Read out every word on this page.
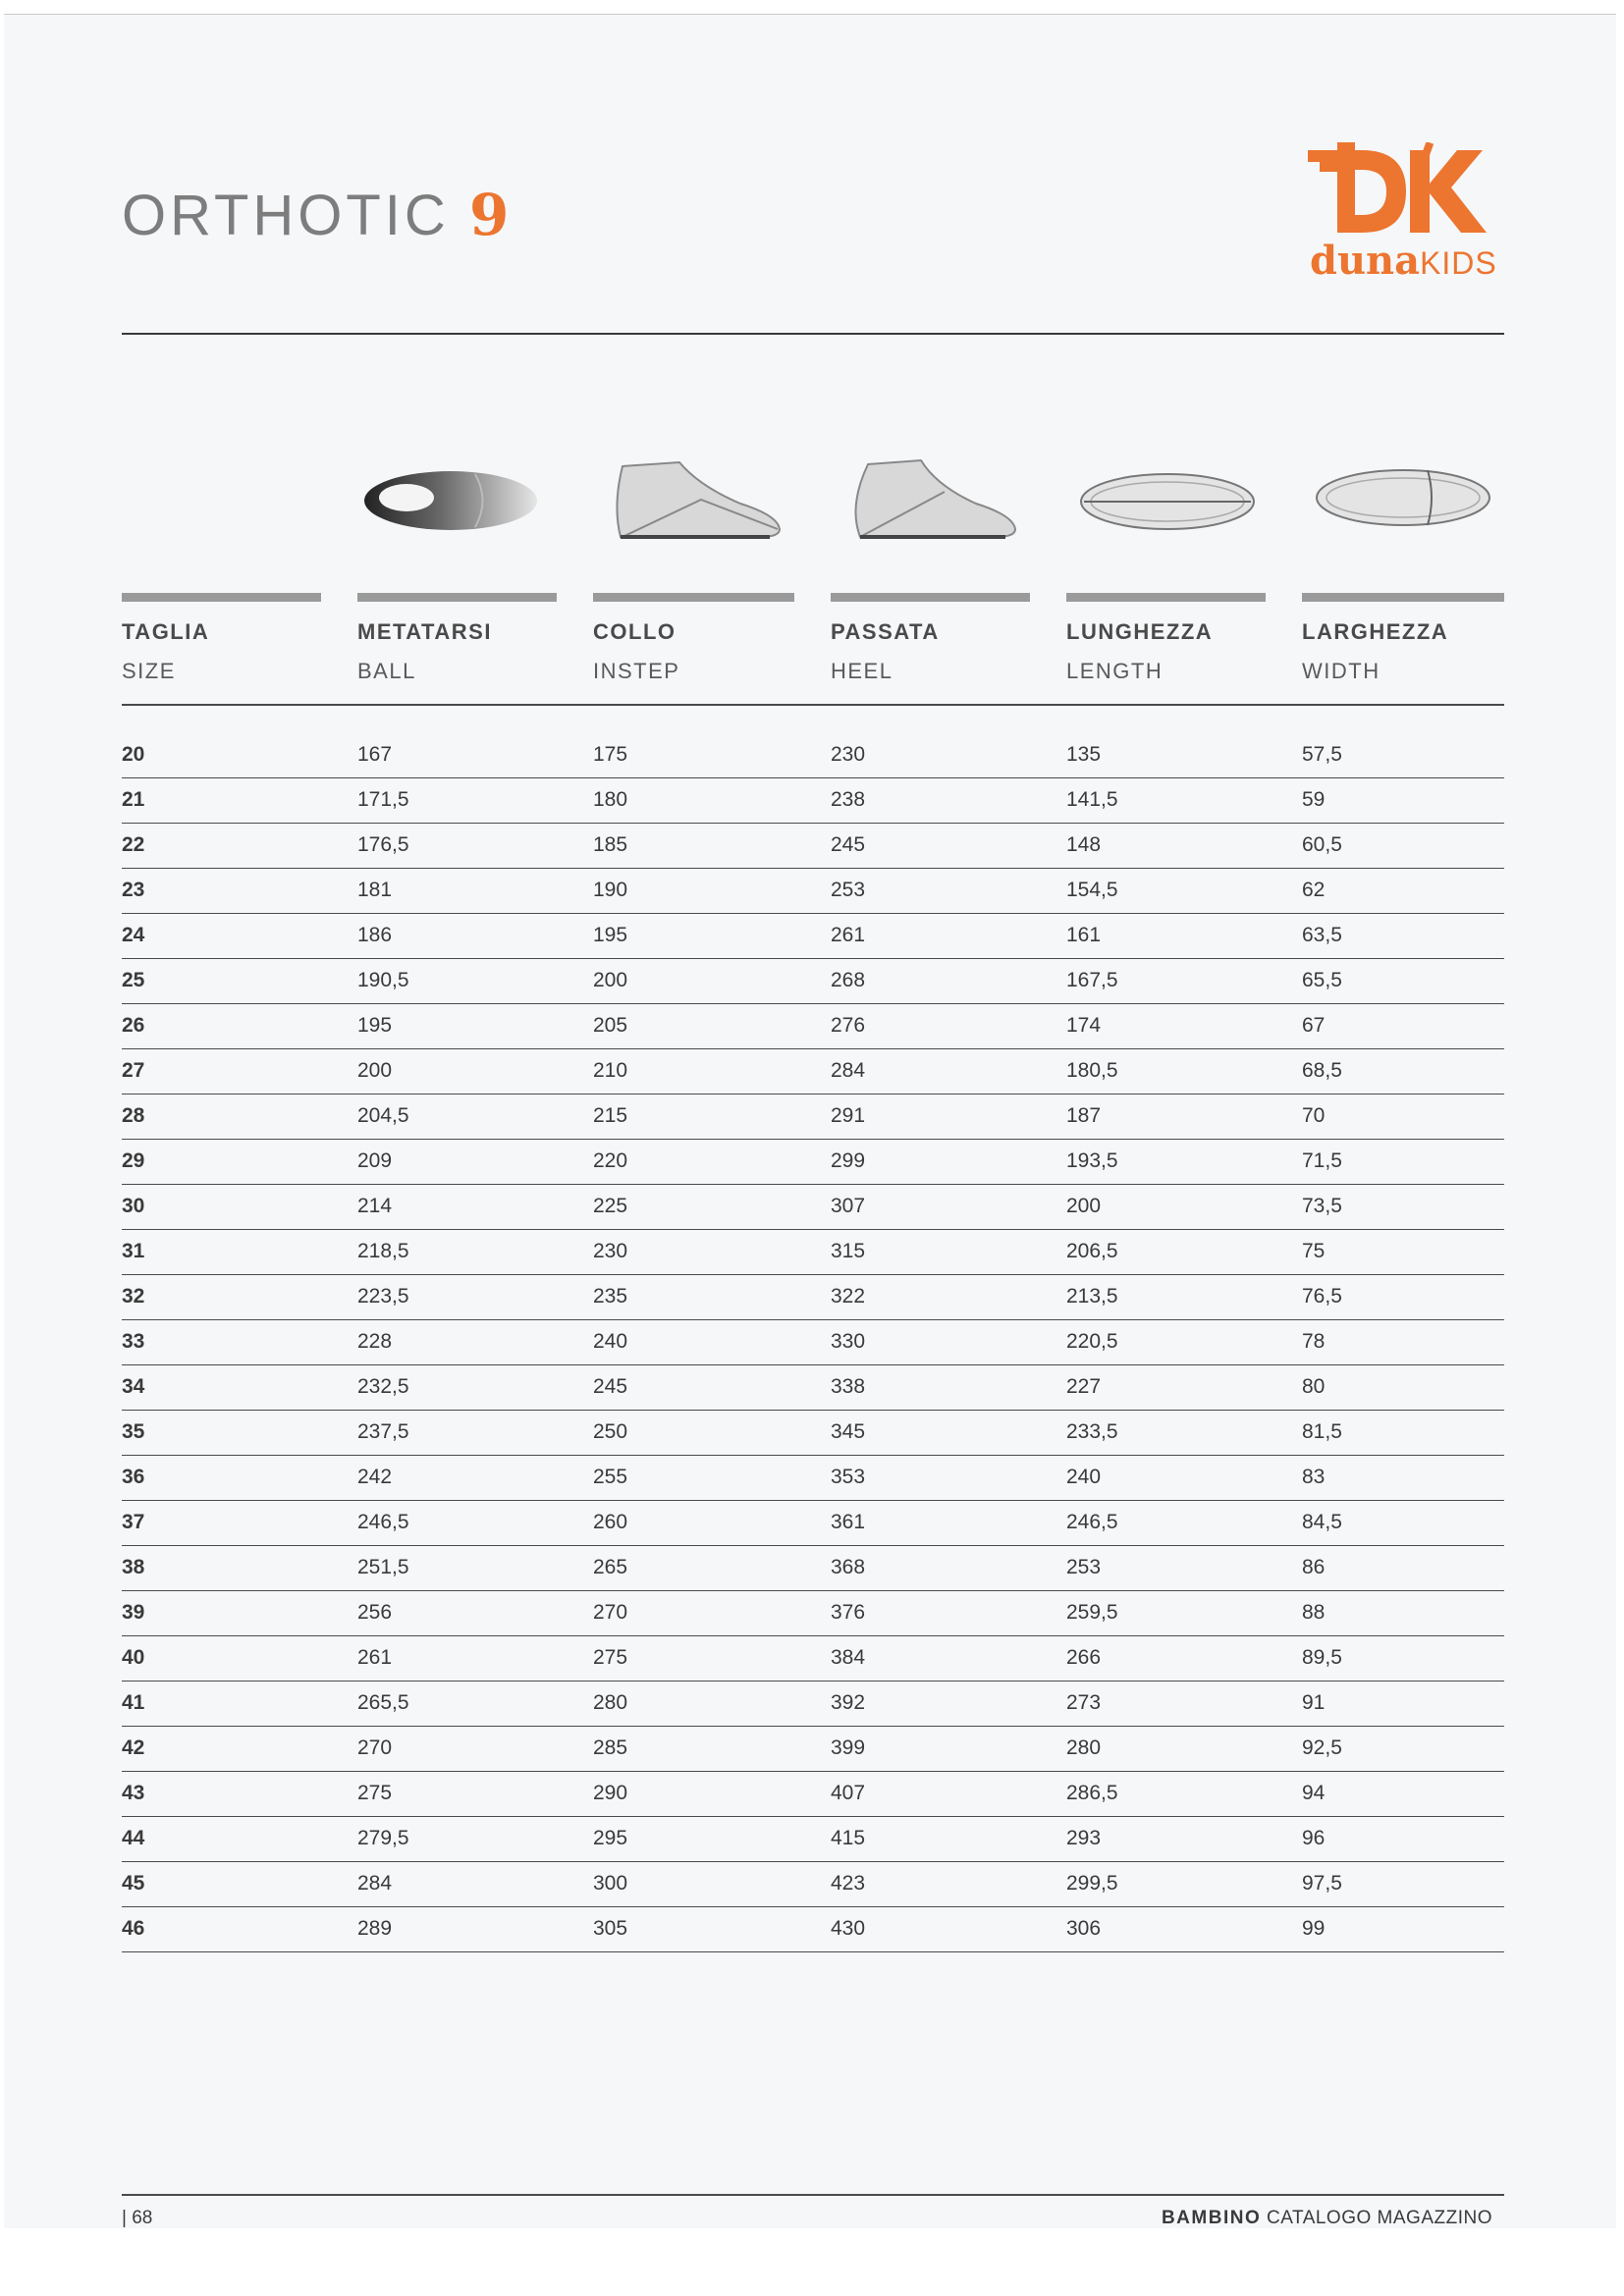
ORTHOTIC 9
dunaKIDS
TAGLIA	METATARSI	COLLO	PASSATA	LUNGHEZZA	LARGHEZZA
SIZE	BALL	INSTEP	HEEL	LENGTH	WIDTH
20	167	175	230	135	57,5
21	171,5	180	238	141,5	59
22	176,5	185	245	148	60,5
23	181	190	253	154,5	62
24	186	195	261	161	63,5
25	190,5	200	268	167,5	65,5
26	195	205	276	174	67
27	200	210	284	180,5	68,5
28	204,5	215	291	187	70
29	209	220	299	193,5	71,5
30	214	225	307	200	73,5
31	218,5	230	315	206,5	75
32	223,5	235	322	213,5	76,5
33	228	240	330	220,5	78
34	232,5	245	338	227	80
35	237,5	250	345	233,5	81,5
36	242	255	353	240	83
37	246,5	260	361	246,5	84,5
38	251,5	265	368	253	86
39	256	270	376	259,5	88
40	261	275	384	266	89,5
41	265,5	280	392	273	91
42	270	285	399	280	92,5
43	275	290	407	286,5	94
44	279,5	295	415	293	96
45	284	300	423	299,5	97,5
46	289	305	430	306	99
| 68	BAMBINO CATALOGO MAGAZZINO
